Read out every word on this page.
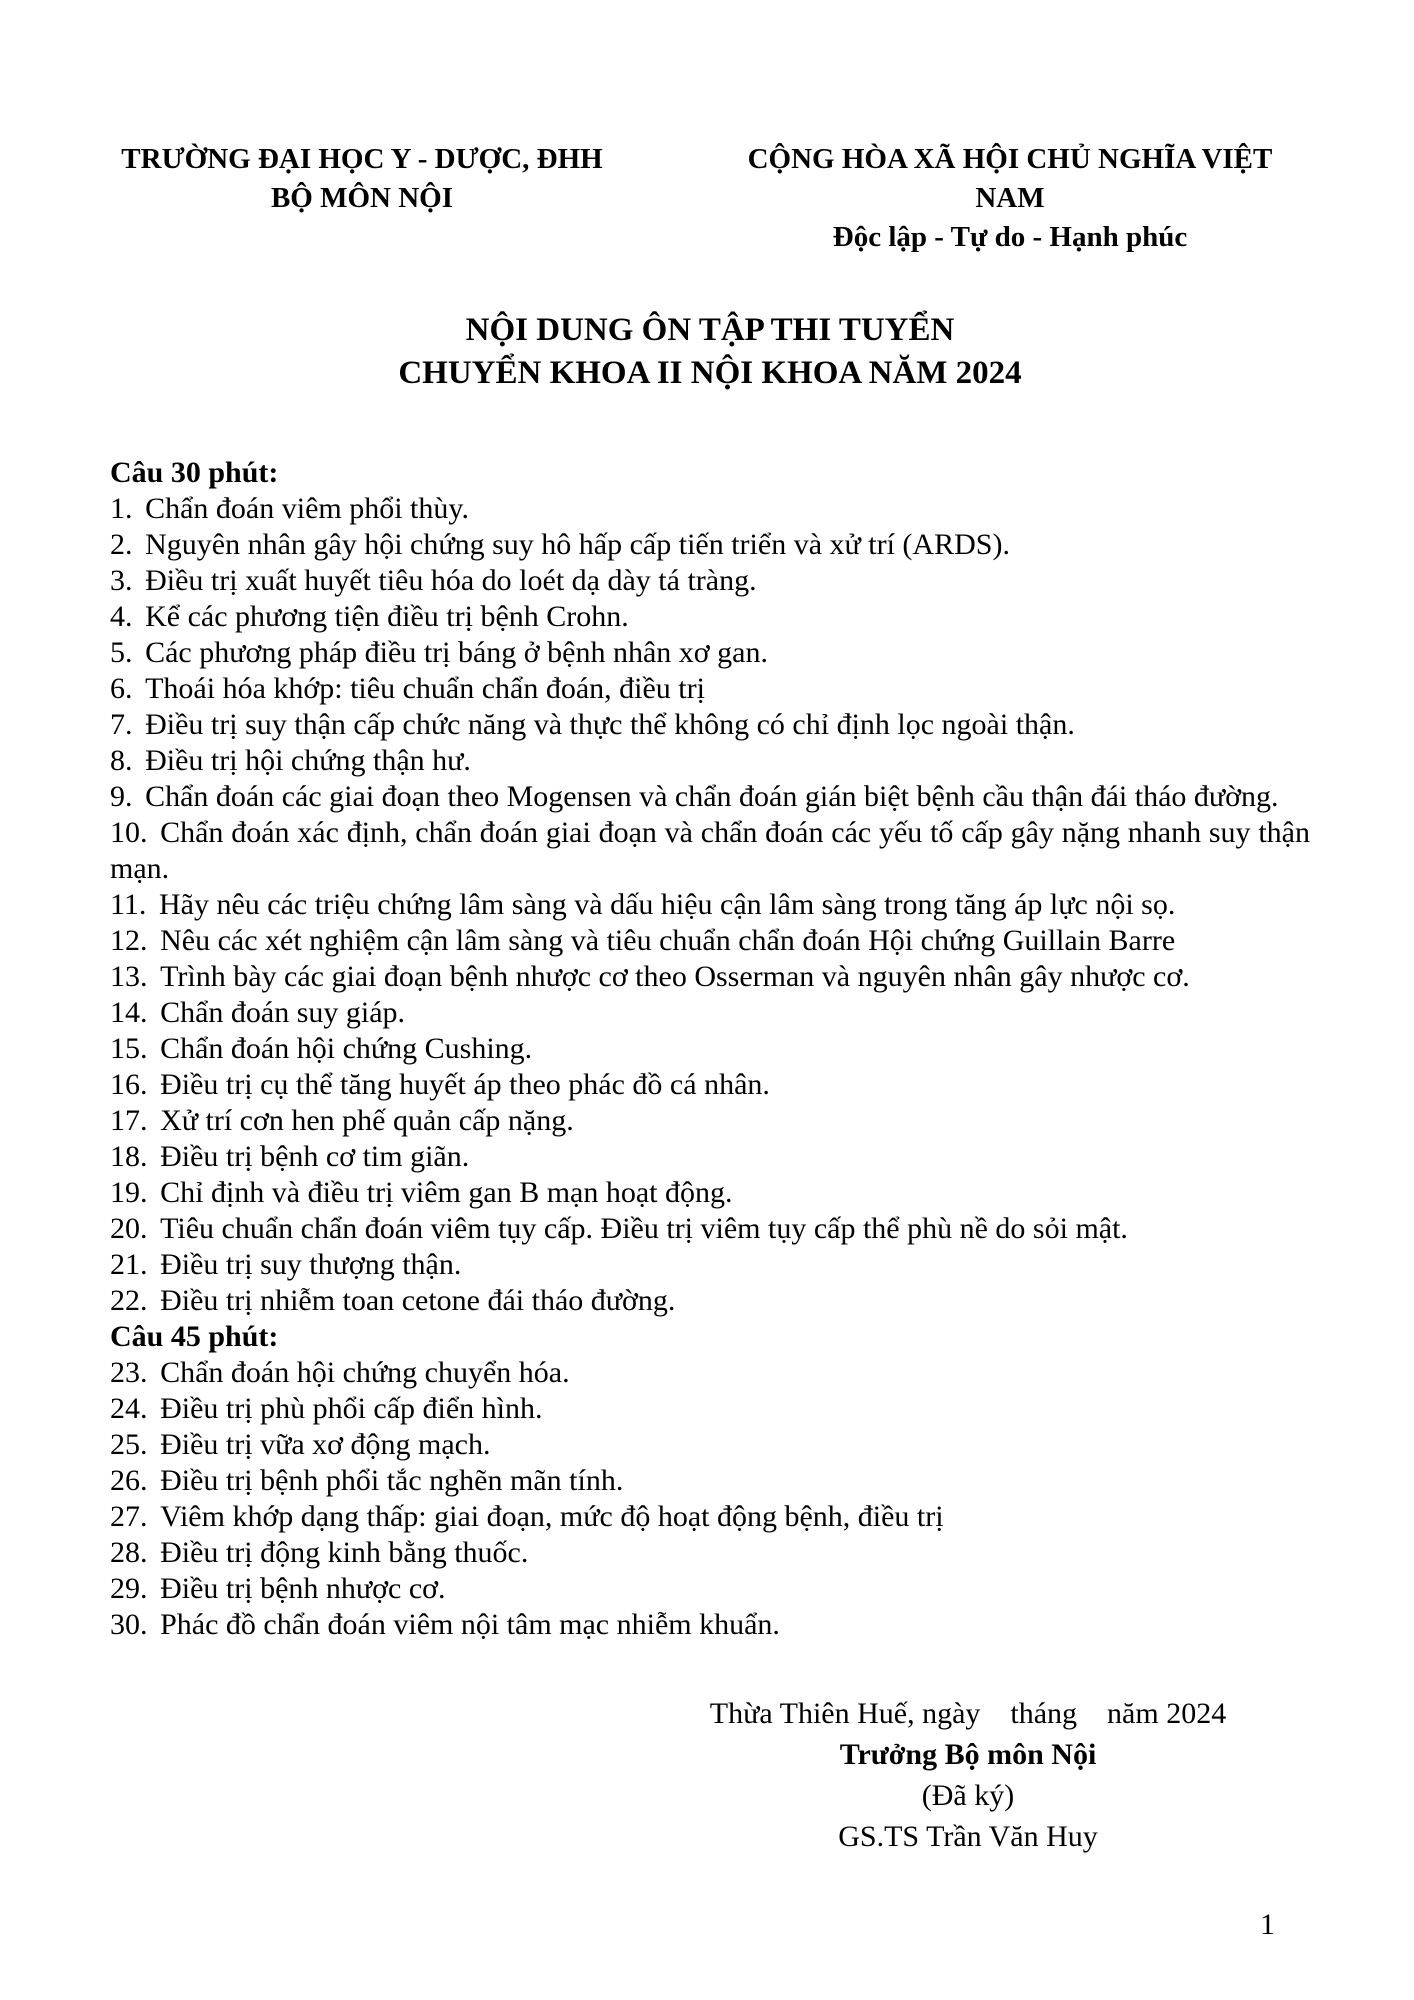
TRƯỜNG ĐẠI HỌC Y - DƯỢC, ĐHH

BỘ MÔN NỘI

CỘNG HÒA XÃ HỘI CHỦ NGHĨA VIỆT NAM

Độc lập - Tự do - Hạnh phúc

NỘI DUNG ÔN TẬP THI TUYỂN

CHUYỂN KHOA II NỘI KHOA NĂM 2024

Câu 30 phút:

1. Chẩn đoán viêm phổi thùy.

2. Nguyên nhân gây hội chứng suy hô hấp cấp tiến triển và xử trí (ARDS).

3. Điều trị xuất huyết tiêu hóa do loét dạ dày tá tràng.

4. Kể các phương tiện điều trị bệnh Crohn.

5. Các phương pháp điều trị báng ở bệnh nhân xơ gan.

6. Thoái hóa khớp: tiêu chuẩn chẩn đoán, điều trị

7. Điều trị suy thận cấp chức năng và thực thể không có chỉ định lọc ngoài thận.

8. Điều trị hội chứng thận hư.

9. Chẩn đoán các giai đoạn theo Mogensen và chẩn đoán gián biệt bệnh cầu thận đái tháo đường.

10. Chẩn đoán xác định, chẩn đoán giai đoạn và chẩn đoán các yếu tố cấp gây nặng nhanh suy thận mạn.

11. Hãy nêu các triệu chứng lâm sàng và dấu hiệu cận lâm sàng trong tăng áp lực nội sọ.

12. Nêu các xét nghiệm cận lâm sàng và tiêu chuẩn chẩn đoán Hội chứng Guillain Barre

13. Trình bày các giai đoạn bệnh nhược cơ theo Osserman và nguyên nhân gây nhược cơ.

14. Chẩn đoán suy giáp.

15. Chẩn đoán hội chứng Cushing.

16. Điều trị cụ thể tăng huyết áp theo phác đồ cá nhân.

17. Xử trí cơn hen phế quản cấp nặng.

18. Điều trị bệnh cơ tim giãn.

19. Chỉ định và điều trị viêm gan B mạn hoạt động.

20. Tiêu chuẩn chẩn đoán viêm tụy cấp. Điều trị viêm tụy cấp thể phù nề do sỏi mật.

21. Điều trị suy thượng thận.

22. Điều trị nhiễm toan cetone đái tháo đường.

Câu 45 phút:

23. Chẩn đoán hội chứng chuyển hóa.

24. Điều trị phù phổi cấp điển hình.

25. Điều trị vữa xơ động mạch.

26. Điều trị bệnh phổi tắc nghẽn mãn tính.

27. Viêm khớp dạng thấp: giai đoạn, mức độ hoạt động bệnh, điều trị

28. Điều trị động kinh bằng thuốc.

29. Điều trị bệnh nhược cơ.

30. Phác đồ chẩn đoán viêm nội tâm mạc nhiễm khuẩn.

Thừa Thiên Huế, ngày    tháng    năm 2024

Trưởng Bộ môn Nội

(Đã ký)

GS.TS Trần Văn Huy

1
